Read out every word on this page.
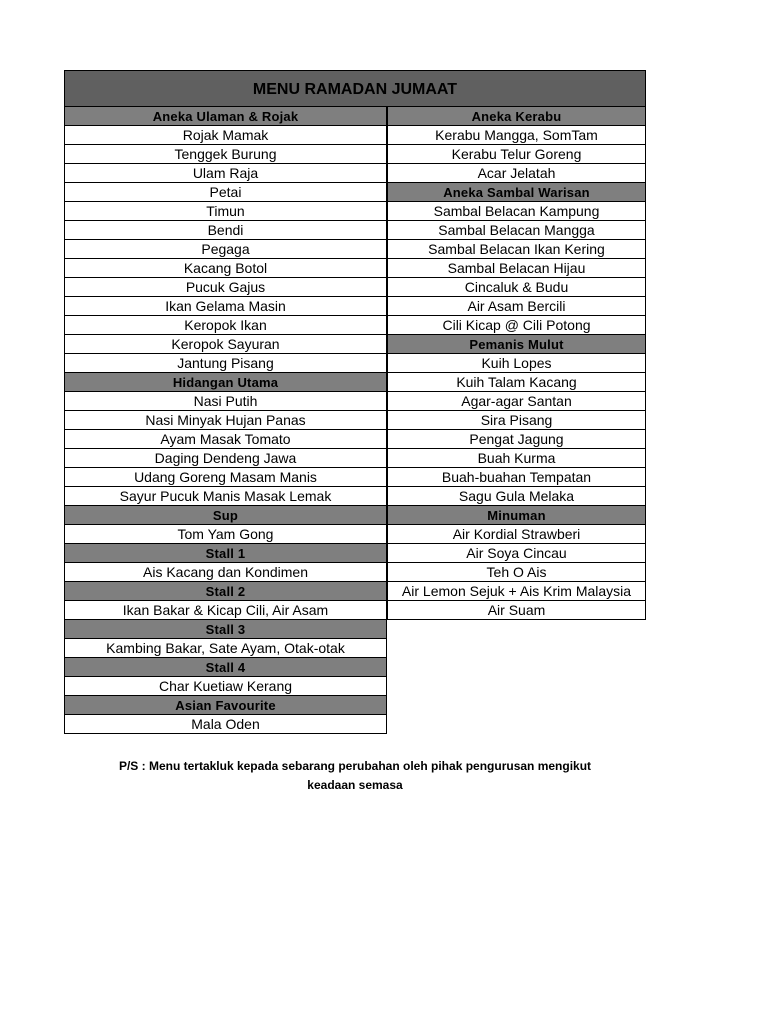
MENU RAMADAN JUMAAT
Aneka Ulaman & Rojak
Rojak Mamak
Tenggek Burung
Ulam Raja
Petai
Timun
Bendi
Pegaga
Kacang Botol
Pucuk Gajus
Ikan Gelama Masin
Keropok Ikan
Keropok Sayuran
Jantung Pisang
Hidangan Utama
Nasi Putih
Nasi Minyak Hujan Panas
Ayam Masak Tomato
Daging Dendeng Jawa
Udang Goreng Masam Manis
Sayur Pucuk Manis Masak Lemak
Sup
Tom Yam Gong
Stall 1
Ais Kacang dan Kondimen
Stall 2
Ikan Bakar & Kicap Cili, Air Asam
Stall 3
Kambing Bakar, Sate Ayam, Otak-otak
Stall 4
Char Kuetiaw Kerang
Asian Favourite
Mala Oden
Aneka Kerabu
Kerabu Mangga, SomTam
Kerabu Telur Goreng
Acar Jelatah
Aneka Sambal Warisan
Sambal Belacan Kampung
Sambal Belacan Mangga
Sambal Belacan Ikan Kering
Sambal Belacan Hijau
Cincaluk & Budu
Air Asam Bercili
Cili Kicap @ Cili Potong
Pemanis Mulut
Kuih Lopes
Kuih Talam Kacang
Agar-agar Santan
Sira Pisang
Pengat Jagung
Buah Kurma
Buah-buahan Tempatan
Sagu Gula Melaka
Minuman
Air Kordial Strawberi
Air Soya Cincau
Teh O Ais
Air Lemon Sejuk + Ais Krim Malaysia
Air Suam
P/S : Menu tertakluk kepada sebarang perubahan oleh pihak pengurusan mengikut
keadaan semasa
